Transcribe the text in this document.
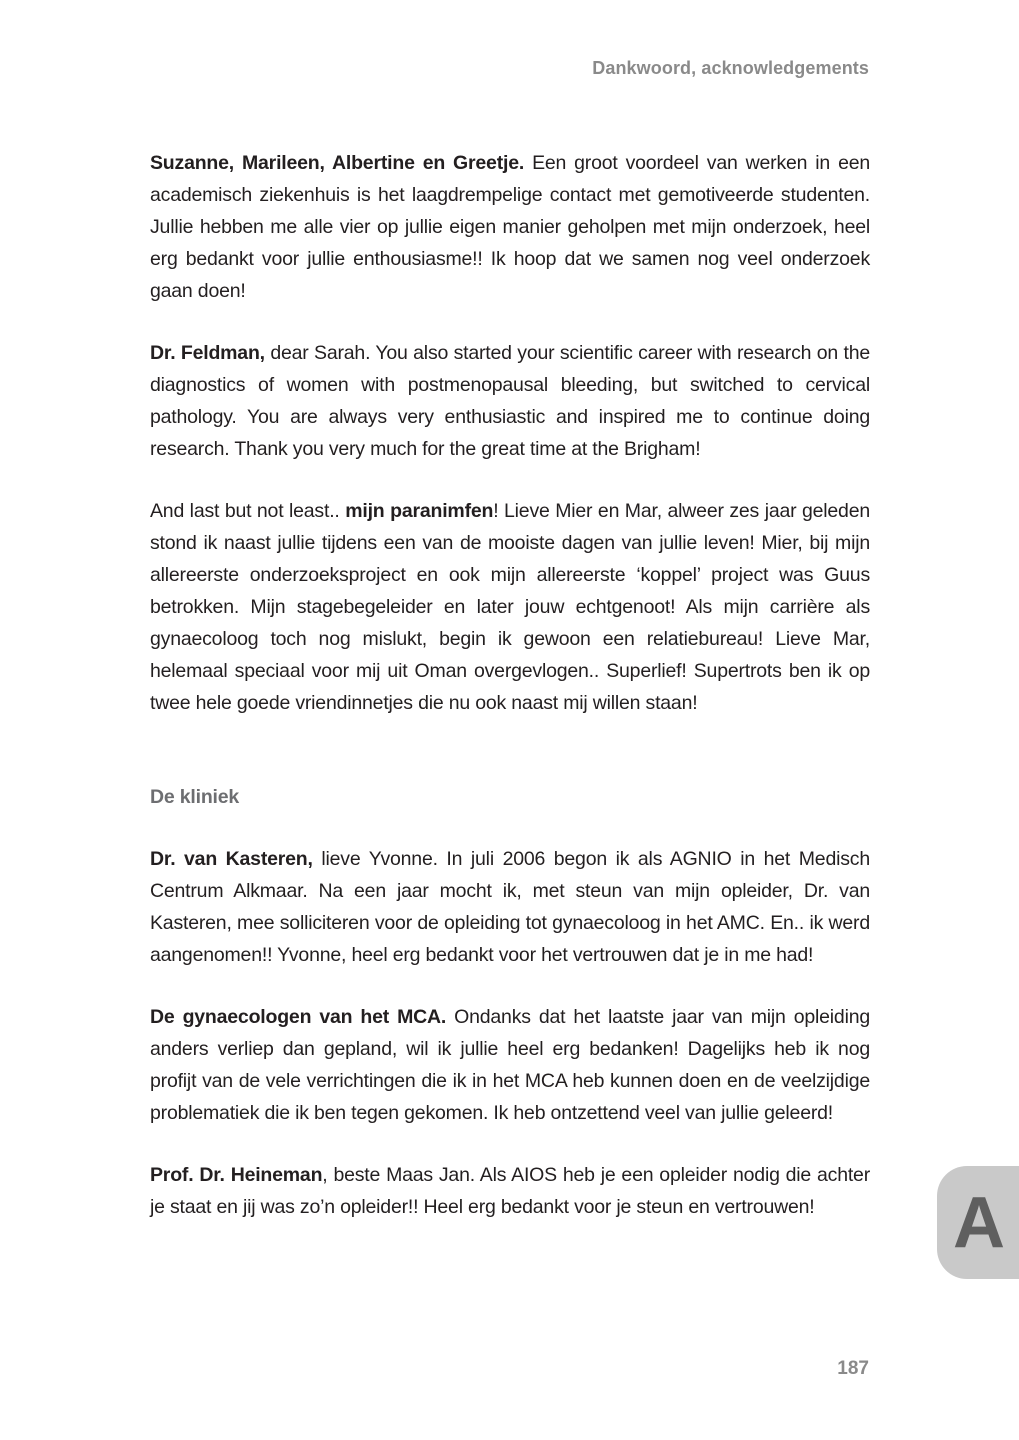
Dankwoord, acknowledgements

Suzanne, Marileen, Albertine en Greetje. Een groot voordeel van werken in een academisch ziekenhuis is het laagdrempelige contact met gemotiveerde studenten. Jullie hebben me alle vier op jullie eigen manier geholpen met mijn onderzoek, heel erg bedankt voor jullie enthousiasme!! Ik hoop dat we samen nog veel onderzoek gaan doen!

Dr. Feldman, dear Sarah. You also started your scientific career with research on the diagnostics of women with postmenopausal bleeding, but switched to cervical pathology. You are always very enthusiastic and inspired me to continue doing research. Thank you very much for the great time at the Brigham!

And last but not least.. mijn paranimfen! Lieve Mier en Mar, alweer zes jaar geleden stond ik naast jullie tijdens een van de mooiste dagen van jullie leven! Mier, bij mijn allereerste onderzoeksproject en ook mijn allereerste ‘koppel’ project was Guus betrokken. Mijn stagebegeleider en later jouw echtgenoot! Als mijn carrière als gynaecoloog toch nog mislukt, begin ik gewoon een relatiebureau! Lieve Mar, helemaal speciaal voor mij uit Oman overgevlogen.. Superlief! Supertrots ben ik op twee hele goede vriendinnetjes die nu ook naast mij willen staan!

De kliniek

Dr. van Kasteren, lieve Yvonne. In juli 2006 begon ik als AGNIO in het Medisch Centrum Alkmaar. Na een jaar mocht ik, met steun van mijn opleider, Dr. van Kasteren, mee solliciteren voor de opleiding tot gynaecoloog in het AMC. En.. ik werd aangenomen!! Yvonne, heel erg bedankt voor het vertrouwen dat je in me had!

De gynaecologen van het MCA. Ondanks dat het laatste jaar van mijn opleiding anders verliep dan gepland, wil ik jullie heel erg bedanken! Dagelijks heb ik nog profijt van de vele verrichtingen die ik in het MCA heb kunnen doen en de veelzijdige problematiek die ik ben tegen gekomen. Ik heb ontzettend veel van jullie geleerd!

Prof. Dr. Heineman, beste Maas Jan. Als AIOS heb je een opleider nodig die achter je staat en jij was zo’n opleider!! Heel erg bedankt voor je steun en vertrouwen!	A
187
